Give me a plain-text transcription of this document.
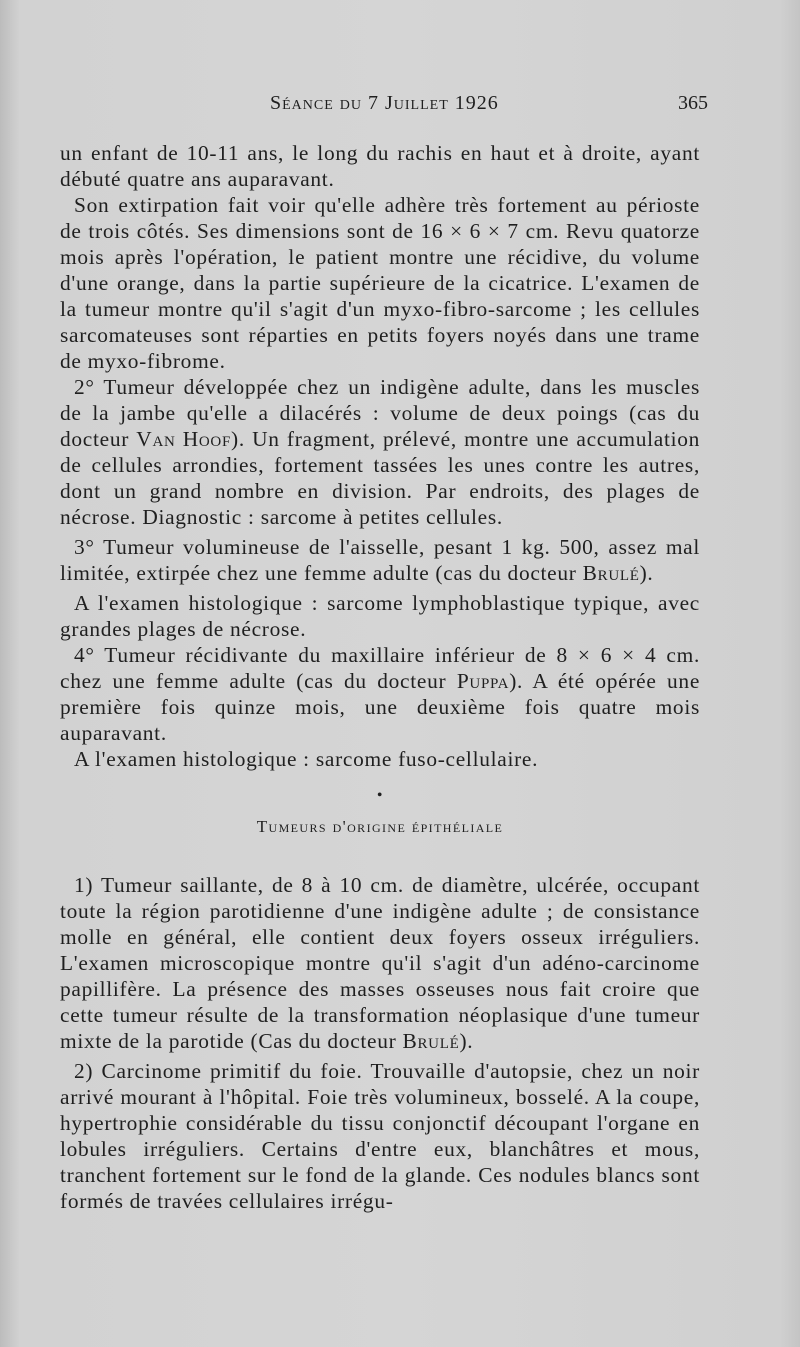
Séance du 7 Juillet 1926	365

un enfant de 10-11 ans, le long du rachis en haut et à droite, ayant débuté quatre ans auparavant.

Son extirpation fait voir qu'elle adhère très fortement au périoste de trois côtés. Ses dimensions sont de 16 × 6 × 7 cm. Revu quatorze mois après l'opération, le patient montre une récidive, du volume d'une orange, dans la partie supérieure de la cicatrice. L'examen de la tumeur montre qu'il s'agit d'un myxo-fibro-sarcome ; les cellules sarcomateuses sont réparties en petits foyers noyés dans une trame de myxo-fibrome.

2° Tumeur développée chez un indigène adulte, dans les muscles de la jambe qu'elle a dilacérés : volume de deux poings (cas du docteur Van Hoof). Un fragment, prélevé, montre une accumulation de cellules arrondies, fortement tassées les unes contre les autres, dont un grand nombre en division. Par endroits, des plages de nécrose. Diagnostic : sarcome à petites cellules.

3° Tumeur volumineuse de l'aisselle, pesant 1 kg. 500, assez mal limitée, extirpée chez une femme adulte (cas du docteur Brulé).

A l'examen histologique : sarcome lymphoblastique typique, avec grandes plages de nécrose.

4° Tumeur récidivante du maxillaire inférieur de 8 × 6 × 4 cm. chez une femme adulte (cas du docteur Puppa). A été opérée une première fois quinze mois, une deuxième fois quatre mois auparavant.

A l'examen histologique : sarcome fuso-cellulaire.

•
Tumeurs d'origine épithéliale

1) Tumeur saillante, de 8 à 10 cm. de diamètre, ulcérée, occupant toute la région parotidienne d'une indigène adulte ; de consistance molle en général, elle contient deux foyers osseux irréguliers. L'examen microscopique montre qu'il s'agit d'un adéno-carcinome papillifère. La présence des masses osseuses nous fait croire que cette tumeur résulte de la transformation néoplasique d'une tumeur mixte de la parotide (Cas du docteur Brulé).

2) Carcinome primitif du foie. Trouvaille d'autopsie, chez un noir arrivé mourant à l'hôpital. Foie très volumineux, bosselé. A la coupe, hypertrophie considérable du tissu conjonctif découpant l'organe en lobules irréguliers. Certains d'entre eux, blanchâtres et mous, tranchent fortement sur le fond de la glande. Ces nodules blancs sont formés de travées cellulaires irrégu-
